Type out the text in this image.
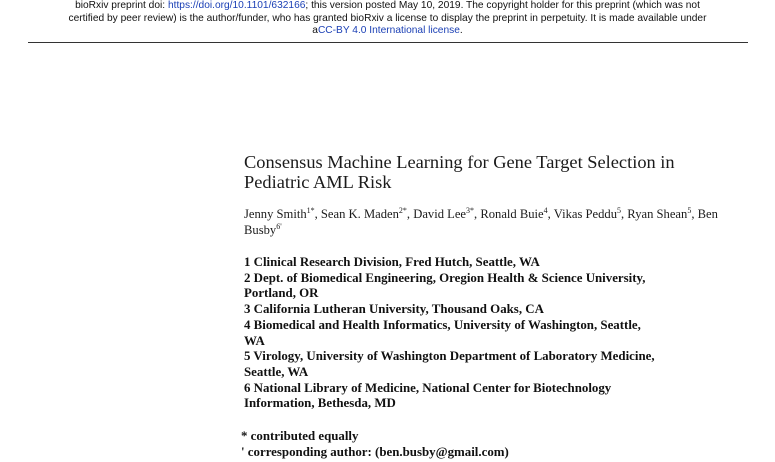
bioRxiv preprint doi: https://doi.org/10.1101/632166; this version posted May 10, 2019. The copyright holder for this preprint (which was not
certified by peer review) is the author/funder, who has granted bioRxiv a license to display the preprint in perpetuity. It is made available under
aCC-BY 4.0 International license.
Consensus Machine Learning for Gene Target Selection in
Pediatric AML Risk
Jenny Smith$^{1*}$, Sean K. Maden$^{2*}$, David Lee$^{3*}$, Ronald Buie$^4$, Vikas Peddu$^5$, Ryan Shean$^5$, Ben Busby$^{6'}$
1 Clinical Research Division, Fred Hutch, Seattle, WA
2 Dept. of Biomedical Engineering, Oregion Health & Science University,
Portland, OR
3 California Lutheran University, Thousand Oaks, CA
4 Biomedical and Health Informatics, University of Washington, Seattle,
WA
5 Virology, University of Washington Department of Laboratory Medicine,
Seattle, WA
6 National Library of Medicine, National Center for Biotechnology
Information, Bethesda, MD
* contributed equally
' corresponding author: (ben.busby@gmail.com)
